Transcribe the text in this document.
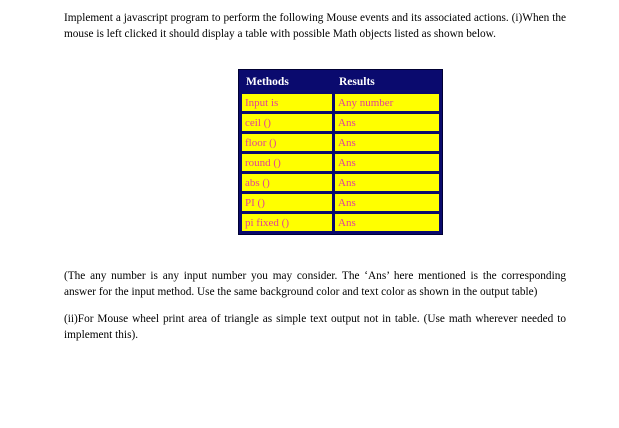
Implement a javascript program to perform the following Mouse events and its associated actions. (i)When the mouse is left clicked it should display a table with possible Math objects listed as shown below.

Methods	Results
Input is	Any number
ceil ()	Ans
floor ()	Ans
round ()	Ans
abs ()	Ans
PI ()	Ans
pi fixed ()	Ans

(The any number is any input number you may consider. The ‘Ans’ here mentioned is the corresponding answer for the input method. Use the same background color and text color as shown in the output table)

(ii)For Mouse wheel print area of triangle as simple text output not in table. (Use math wherever needed to implement this).
